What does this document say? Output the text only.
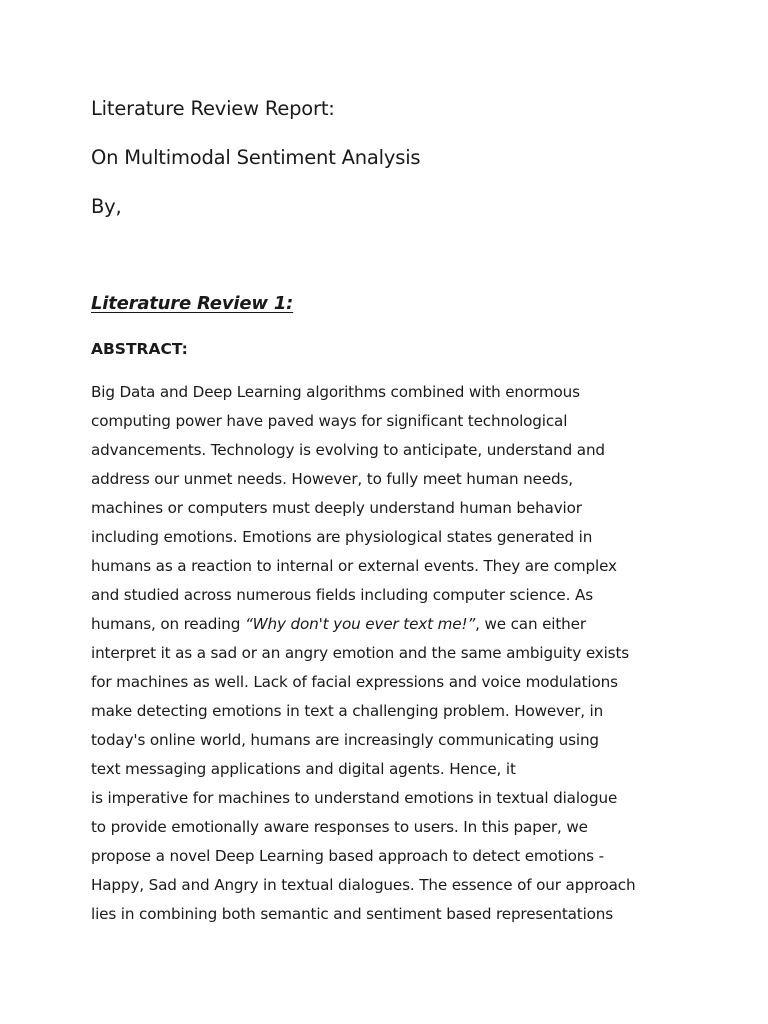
Literature Review Report:
On Multimodal Sentiment Analysis
By,
Literature Review 1:
ABSTRACT:
Big Data and Deep Learning algorithms combined with enormous
computing power have paved ways for significant technological
advancements. Technology is evolving to anticipate, understand and
address our unmet needs. However, to fully meet human needs,
machines or computers must deeply understand human behavior
including emotions. Emotions are physiological states generated in
humans as a reaction to internal or external events. They are complex
and studied across numerous fields including computer science. As
humans, on reading “Why don't you ever text me!”, we can either
interpret it as a sad or an angry emotion and the same ambiguity exists
for machines as well. Lack of facial expressions and voice modulations
make detecting emotions in text a challenging problem. However, in
today's online world, humans are increasingly communicating using
text messaging applications and digital agents. Hence, it
is imperative for machines to understand emotions in textual dialogue
to provide emotionally aware responses to users. In this paper, we
propose a novel Deep Learning based approach to detect emotions -
Happy, Sad and Angry in textual dialogues. The essence of our approach
lies in combining both semantic and sentiment based representations
